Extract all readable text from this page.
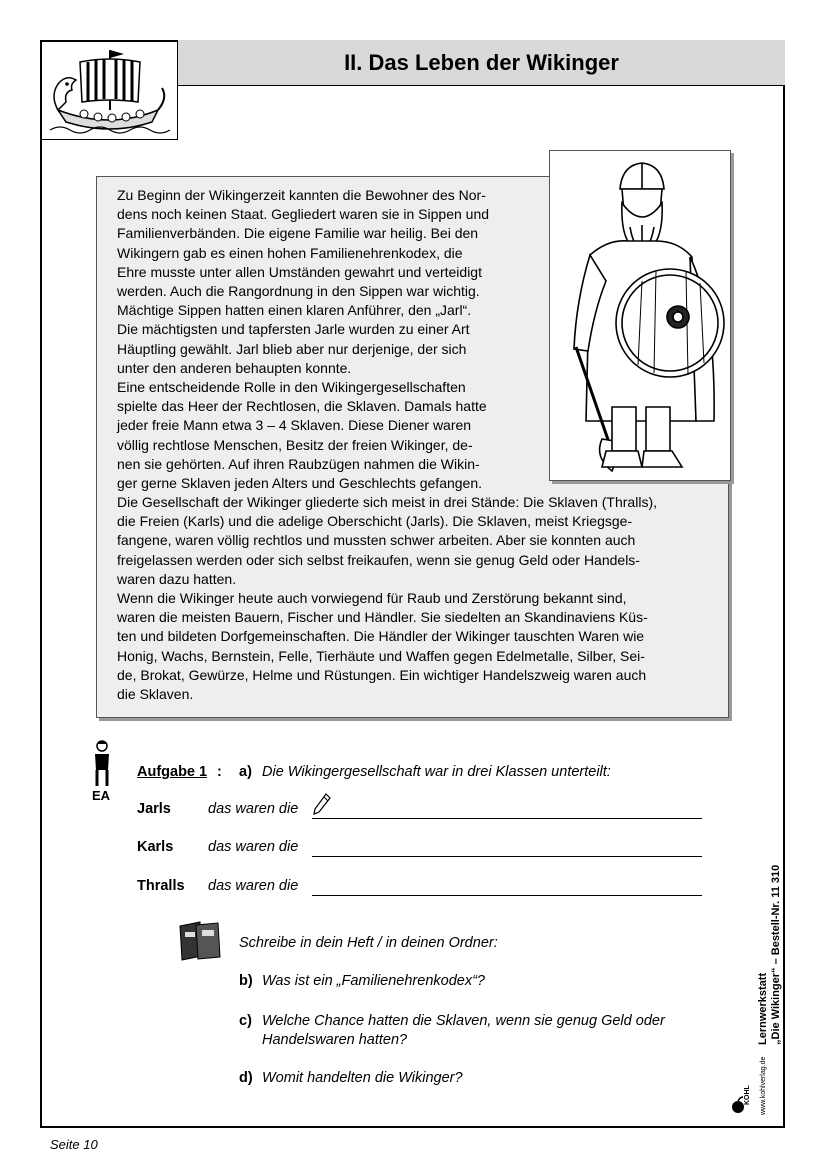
II. Das Leben der Wikinger
Zu Beginn der Wikingerzeit kannten die Bewohner des Nor-
dens noch keinen Staat. Gegliedert waren sie in Sippen und
Familienverbänden. Die eigene Familie war heilig. Bei den
Wikingern gab es einen hohen Familienehrenkodex, die
Ehre musste unter allen Umständen gewahrt und verteidigt
werden. Auch die Rangordnung in den Sippen war wichtig.
Mächtige Sippen hatten einen klaren Anführer, den „Jarl“.
Die mächtigsten und tapfersten Jarle wurden zu einer Art
Häuptling gewählt. Jarl blieb aber nur derjenige, der sich
unter den anderen behaupten konnte.
Eine entscheidende Rolle in den Wikingergesellschaften
spielte das Heer der Rechtlosen, die Sklaven. Damals hatte
jeder freie Mann etwa 3 – 4 Sklaven. Diese Diener waren
völlig rechtlose Menschen, Besitz der freien Wikinger, de-
nen sie gehörten. Auf ihren Raubzügen nahmen die Wikin-
ger gerne Sklaven jeden Alters und Geschlechts gefangen.
Die Gesellschaft der Wikinger gliederte sich meist in drei Stände: Die Sklaven (Thralls),
die Freien (Karls) und die adelige Oberschicht (Jarls). Die Sklaven, meist Kriegsge-
fangene, waren völlig rechtlos und mussten schwer arbeiten. Aber sie konnten auch
freigelassen werden oder sich selbst freikaufen, wenn sie genug Geld oder Handels-
waren dazu hatten.
Wenn die Wikinger heute auch vorwiegend für Raub und Zerstörung bekannt sind,
waren die meisten Bauern, Fischer und Händler. Sie siedelten an Skandinaviens Küs-
ten und bildeten Dorfgemeinschaften. Die Händler der Wikinger tauschten Waren wie
Honig, Wachs, Bernstein, Felle, Tierhäute und Waffen gegen Edelmetalle, Silber, Sei-
de, Brokat, Gewürze, Helme und Rüstungen. Ein wichtiger Handelszweig waren auch
die Sklaven.
EA
Aufgabe 1 : a) Die Wikingergesellschaft war in drei Klassen unterteilt:
Jarls	das waren die
Karls das waren die
Thralls das waren die
Schreibe in dein Heft / in deinen Ordner:
b) Was ist ein „Familienehrenkodex“?
c) Welche Chance hatten die Sklaven, wenn sie genug Geld oder
Handelswaren hatten?
d) Womit handelten die Wikinger?
Lernwerkstatt „Die Wikinger“ – Bestell-Nr. 11 310
KOHL www.kohlverlag.de
Seite 10
